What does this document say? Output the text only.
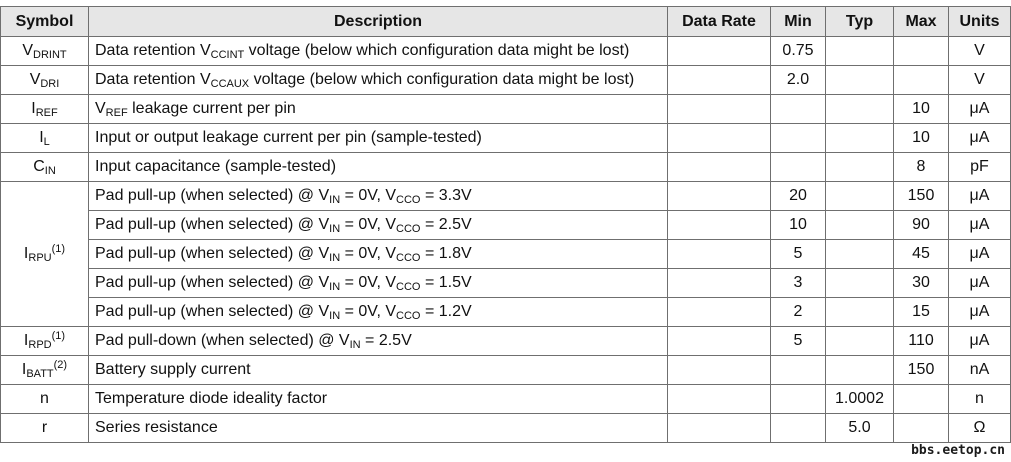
Symbol	Description	Data Rate	Min	Typ	Max	Units
$V_{DRINT}$	Data retention $V_{CCINT}$ voltage (below which configuration data might be lost)		0.75			V
$V_{DRI}$	Data retention $V_{CCAUX}$ voltage (below which configuration data might be lost)		2.0			V
$I_{REF}$	$V_{REF}$ leakage current per pin				10	μA
$I_L$	Input or output leakage current per pin (sample-tested)				10	μA
$C_{IN}$	Input capacitance (sample-tested)				8	pF
$I_{RPU}^{(1)}$	Pad pull-up (when selected) @ $V_{IN} = 0V$, $V_{CCO} = 3.3V$		20		150	μA
	Pad pull-up (when selected) @ $V_{IN} = 0V$, $V_{CCO} = 2.5V$		10		90	μA
	Pad pull-up (when selected) @ $V_{IN} = 0V$, $V_{CCO} = 1.8V$		5		45	μA
	Pad pull-up (when selected) @ $V_{IN} = 0V$, $V_{CCO} = 1.5V$		3		30	μA
	Pad pull-up (when selected) @ $V_{IN} = 0V$, $V_{CCO} = 1.2V$		2		15	μA
$I_{RPD}^{(1)}$	Pad pull-down (when selected) @ $V_{IN} = 2.5V$		5		110	μA
$I_{BATT}^{(2)}$	Battery supply current				150	nA
n	Temperature diode ideality factor			1.0002		n
r	Series resistance			5.0		Ω
bbs.eetop.cn
